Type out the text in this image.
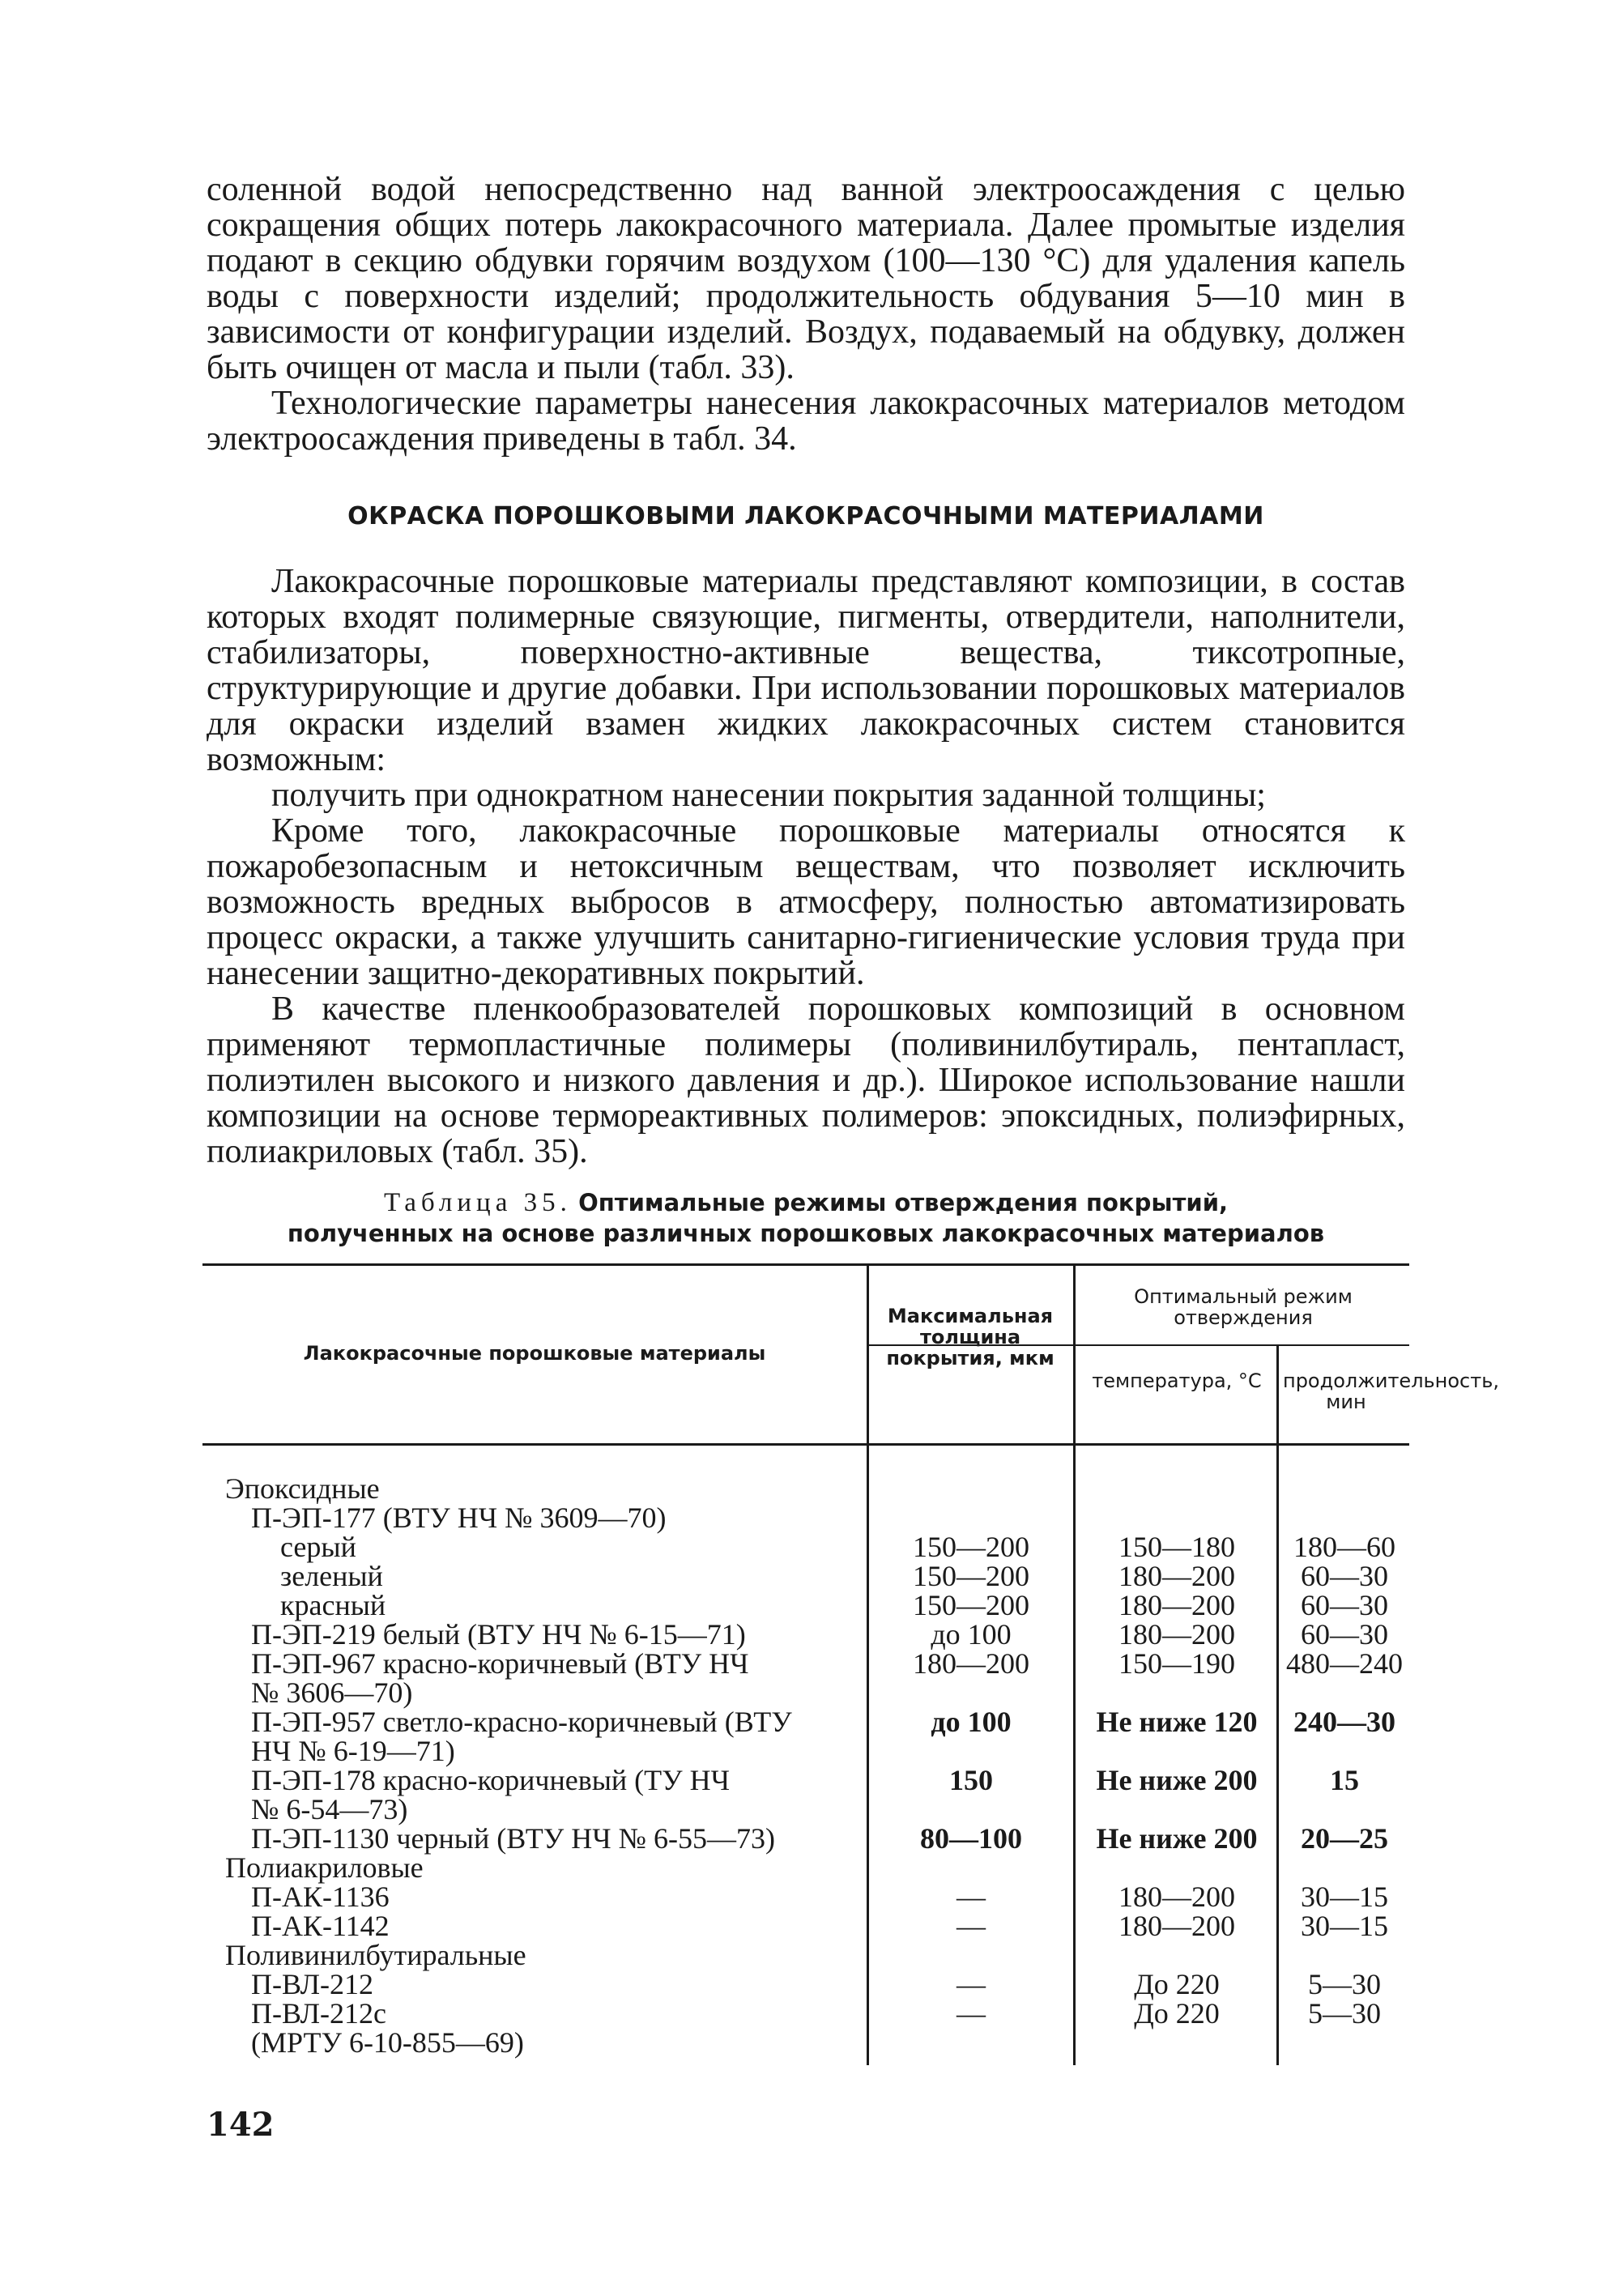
соленной водой непосредственно над ванной электроосаждения с целью сокращения общих потерь лакокрасочного материала. Далее промытые изделия подают в секцию обдувки горячим воздухом (100—130 °С) для удаления капель воды с поверхности изделий; продолжительность обдувания 5—10 мин в зависимости от конфигурации изделий. Воздух, подаваемый на обдувку, должен быть очищен от масла и пыли (табл. 33).

Технологические параметры нанесения лакокрасочных материалов методом электроосаждения приведены в табл. 34.

ОКРАСКА ПОРОШКОВЫМИ ЛАКОКРАСОЧНЫМИ МАТЕРИАЛАМИ

Лакокрасочные порошковые материалы представляют композиции, в состав которых входят полимерные связующие, пигменты, отвердители, наполнители, стабилизаторы, поверхностно-активные вещества, тиксотропные, структурирующие и другие добавки. При использовании порошковых материалов для окраски изделий взамен жидких лакокрасочных систем становится возможным:

получить при однократном нанесении покрытия заданной толщины;

Кроме того, лакокрасочные порошковые материалы относятся к пожаробезопасным и нетоксичным веществам, что позволяет исключить возможность вредных выбросов в атмосферу, полностью автоматизировать процесс окраски, а также улучшить санитарно-гигиенические условия труда при нанесении защитно-декоративных покрытий.

В качестве пленкообразователей порошковых композиций в основном применяют термопластичные полимеры (поливинилбутираль, пентапласт, полиэтилен высокого и низкого давления и др.). Широкое использование нашли композиции на основе термореактивных полимеров: эпоксидных, полиэфирных, полиакриловых (табл. 35).

Таблица 35. Оптимальные режимы отверждения покрытий,
полученных на основе различных порошковых лакокрасочных материалов
Лакокрасочные порошковые материалы
Максимальная толщина покрытия, мкм
Оптимальный режим отверждения
температура, °С	продолжительность, мин
Эпоксидные
П-ЭП-177 (ВТУ НЧ № 3609—70)
серый	150—200	150—180	180—60
зеленый	150—200	180—200	60—30
красный	150—200	180—200	60—30
П-ЭП-219 белый (ВТУ НЧ № 6-15—71)	до 100	180—200	60—30
П-ЭП-967 красно-коричневый (ВТУ НЧ	180—200	150—190	480—240
№ 3606—70)
П-ЭП-957 светло-красно-коричневый (ВТУ	до 100	Не ниже 120	240—30
НЧ № 6-19—71)
П-ЭП-178 красно-коричневый (ТУ НЧ	150	Не ниже 200	15
№ 6-54—73)
П-ЭП-1130 черный (ВТУ НЧ № 6-55—73)	80—100	Не ниже 200	20—25
Полиакриловые
П-АК-1136	—	180—200	30—15
П-АК-1142	—	180—200	30—15
Поливинилбутиральные
П-ВЛ-212	—	До 220	5—30
П-ВЛ-212с	—	До 220	5—30
(МРТУ 6-10-855—69)
142
